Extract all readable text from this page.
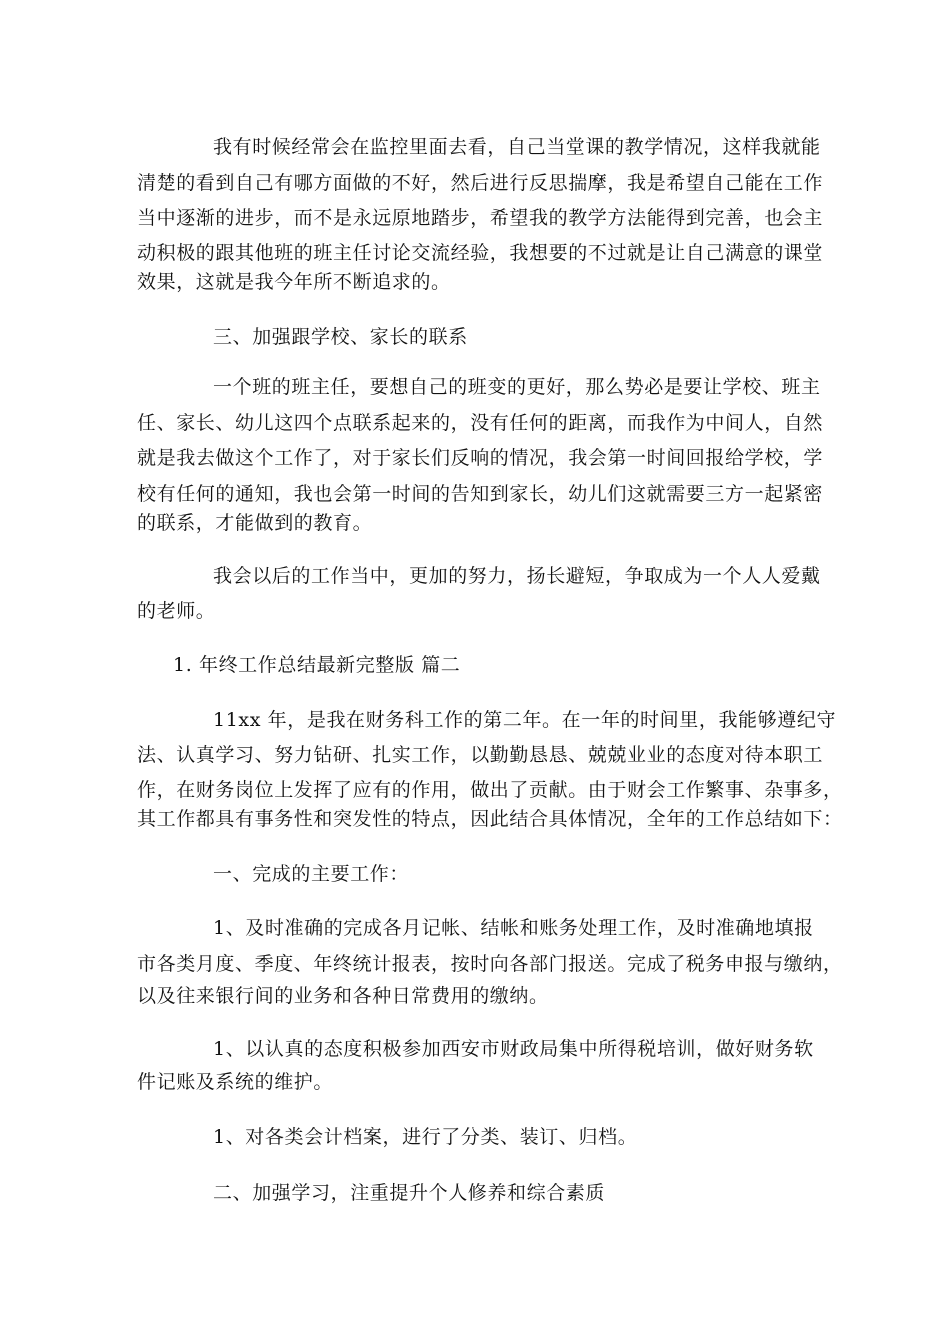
我有时候经常会在监控里面去看，自己当堂课的教学情况，这样我就能
清楚的看到自己有哪方面做的不好，然后进行反思揣摩，我是希望自己能在工作
当中逐渐的进步，而不是永远原地踏步，希望我的教学方法能得到完善，也会主
动积极的跟其他班的班主任讨论交流经验，我想要的不过就是让自己满意的课堂
效果，这就是我今年所不断追求的。
三、加强跟学校、家长的联系
一个班的班主任，要想自己的班变的更好，那么势必是要让学校、班主
任、家长、幼儿这四个点联系起来的，没有任何的距离，而我作为中间人，自然
就是我去做这个工作了，对于家长们反响的情况，我会第一时间回报给学校，学
校有任何的通知，我也会第一时间的告知到家长，幼儿们这就需要三方一起紧密
的联系，才能做到的教育。
我会以后的工作当中，更加的努力，扬长避短，争取成为一个人人爱戴
的老师。
1. 年终工作总结最新完整版 篇二
11xx 年，是我在财务科工作的第二年。在一年的时间里，我能够遵纪守
法、认真学习、努力钻研、扎实工作，以勤勤恳恳、兢兢业业的态度对待本职工
作，在财务岗位上发挥了应有的作用，做出了贡献。由于财会工作繁事、杂事多，
其工作都具有事务性和突发性的特点，因此结合具体情况，全年的工作总结如下：
一、完成的主要工作：
1、及时准确的完成各月记帐、结帐和账务处理工作，及时准确地填报
市各类月度、季度、年终统计报表，按时向各部门报送。完成了税务申报与缴纳，
以及往来银行间的业务和各种日常费用的缴纳。
1、以认真的态度积极参加西安市财政局集中所得税培训，做好财务软
件记账及系统的维护。
1、对各类会计档案，进行了分类、装订、归档。
二、加强学习，注重提升个人修养和综合素质
